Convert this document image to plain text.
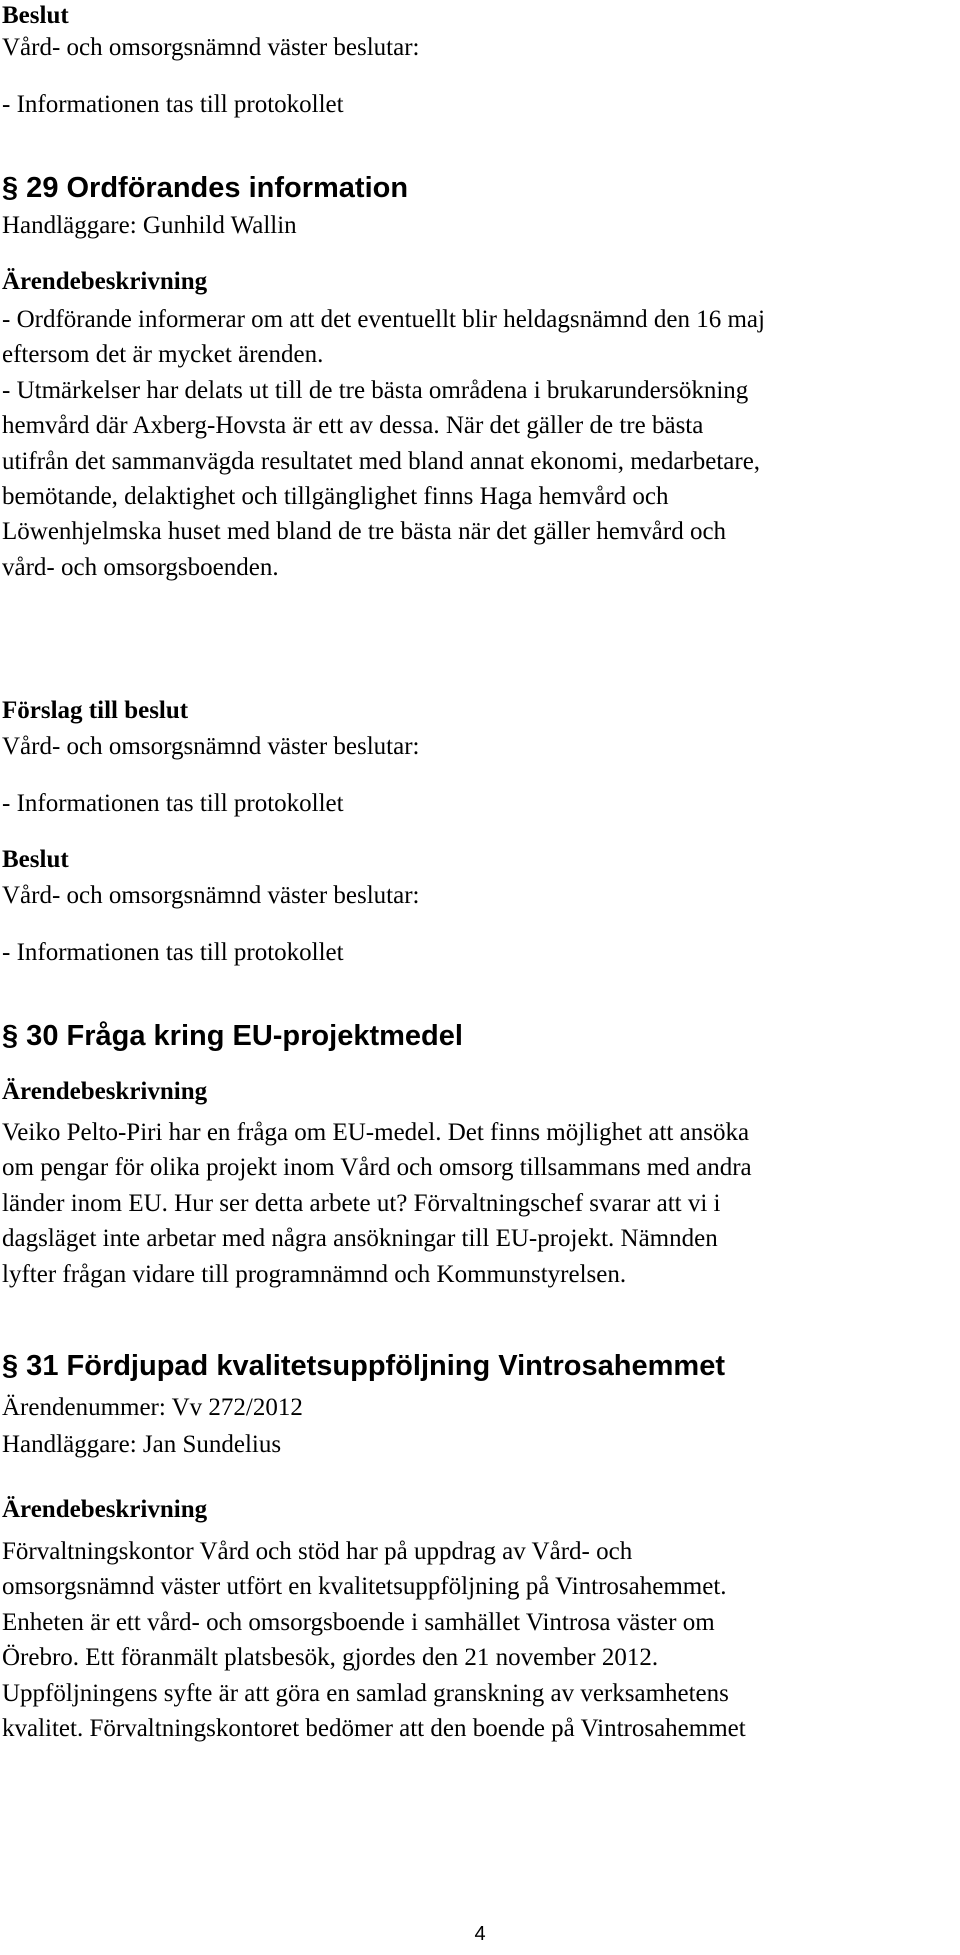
Beslut

Vård- och omsorgsnämnd väster beslutar:

- Informationen tas till protokollet

§ 29 Ordförandes information

Handläggare: Gunhild Wallin

Ärendebeskrivning

- Ordförande informerar om att det eventuellt blir heldagsnämnd den 16 maj
eftersom det är mycket ärenden.
- Utmärkelser har delats ut till de tre bästa områdena i brukarundersökning
hemvård där Axberg-Hovsta är ett av dessa. När det gäller de tre bästa
utifrån det sammanvägda resultatet med bland annat ekonomi, medarbetare,
bemötande, delaktighet och tillgänglighet finns Haga hemvård och
Löwenhjelmska huset med bland de tre bästa när det gäller hemvård och
vård- och omsorgsboenden.

Förslag till beslut

Vård- och omsorgsnämnd väster beslutar:

- Informationen tas till protokollet

Beslut

Vård- och omsorgsnämnd väster beslutar:

- Informationen tas till protokollet

§ 30 Fråga kring EU-projektmedel

Ärendebeskrivning

Veiko Pelto-Piri har en fråga om EU-medel. Det finns möjlighet att ansöka
om pengar för olika projekt inom Vård och omsorg tillsammans med andra
länder inom EU. Hur ser detta arbete ut? Förvaltningschef svarar att vi i
dagsläget inte arbetar med några ansökningar till EU-projekt. Nämnden
lyfter frågan vidare till programnämnd och Kommunstyrelsen.

§ 31 Fördjupad kvalitetsuppföljning Vintrosahemmet

Ärendenummer: Vv 272/2012

Handläggare: Jan Sundelius

Ärendebeskrivning

Förvaltningskontor Vård och stöd har på uppdrag av Vård- och
omsorgsnämnd väster utfört en kvalitetsuppföljning på Vintrosahemmet.
Enheten är ett vård- och omsorgsboende i samhället Vintrosa väster om
Örebro. Ett föranmält platsbesök, gjordes den 21 november 2012.
Uppföljningens syfte är att göra en samlad granskning av verksamhetens
kvalitet. Förvaltningskontoret bedömer att den boende på Vintrosahemmet
4
